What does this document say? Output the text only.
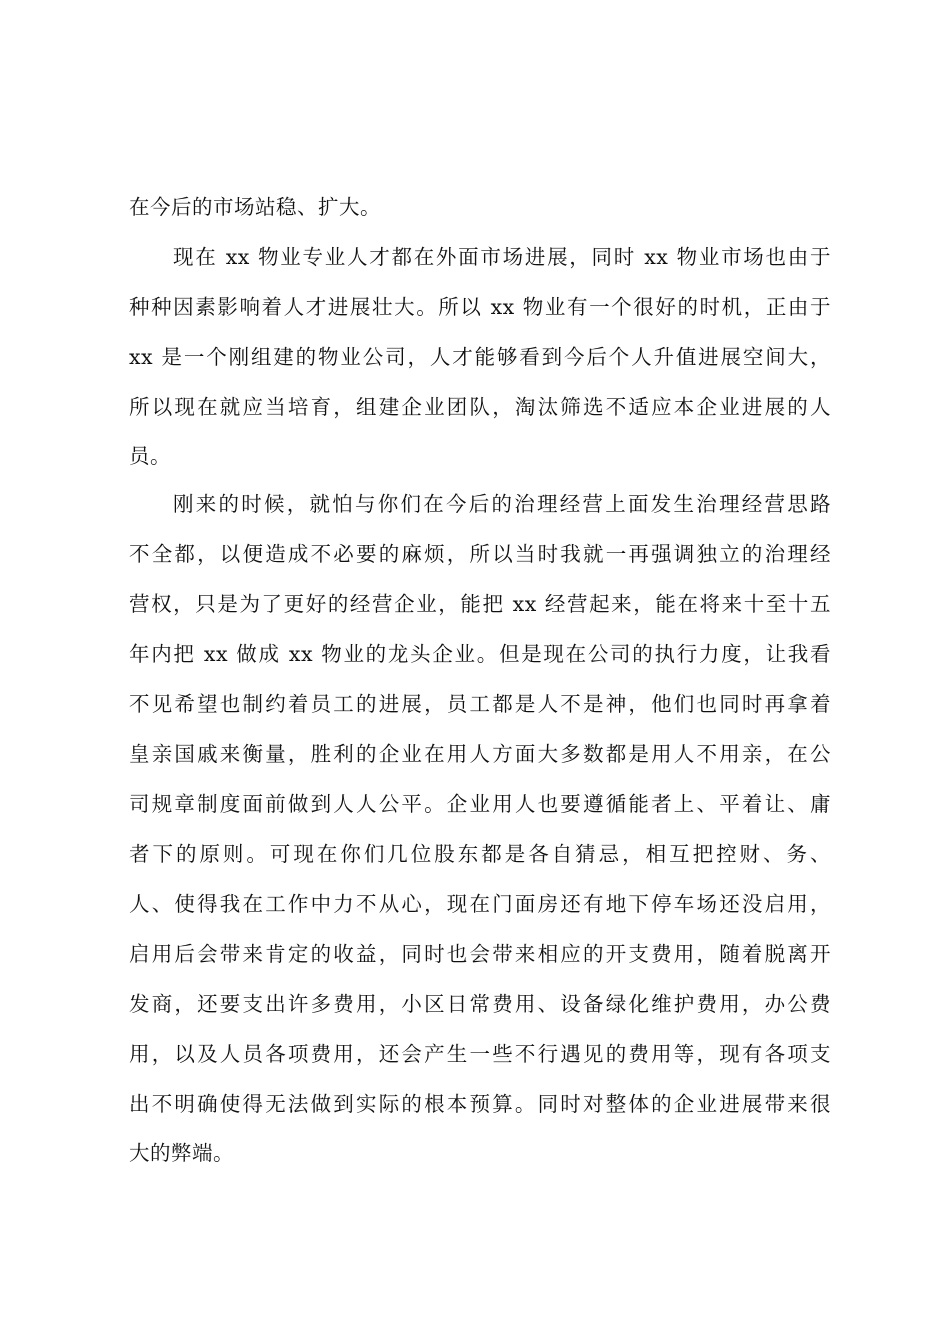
在今后的市场站稳、扩大。
现在 xx 物业专业人才都在外面市场进展，同时 xx 物业市场也由于
种种因素影响着人才进展壮大。所以 xx 物业有一个很好的时机，正由于
xx 是一个刚组建的物业公司，人才能够看到今后个人升值进展空间大，
所以现在就应当培育，组建企业团队，淘汰筛选不适应本企业进展的人
员。
刚来的时候，就怕与你们在今后的治理经营上面发生治理经营思路
不全都，以便造成不必要的麻烦，所以当时我就一再强调独立的治理经
营权，只是为了更好的经营企业，能把 xx 经营起来，能在将来十至十五
年内把 xx 做成 xx 物业的龙头企业。但是现在公司的执行力度，让我看
不见希望也制约着员工的进展，员工都是人不是神，他们也同时再拿着
皇亲国戚来衡量，胜利的企业在用人方面大多数都是用人不用亲，在公
司规章制度面前做到人人公平。企业用人也要遵循能者上、平着让、庸
者下的原则。可现在你们几位股东都是各自猜忌，相互把控财、务、
人、使得我在工作中力不从心，现在门面房还有地下停车场还没启用，
启用后会带来肯定的收益，同时也会带来相应的开支费用，随着脱离开
发商，还要支出许多费用，小区日常费用、设备绿化维护费用，办公费
用，以及人员各项费用，还会产生一些不行遇见的费用等，现有各项支
出不明确使得无法做到实际的根本预算。同时对整体的企业进展带来很
大的弊端。
